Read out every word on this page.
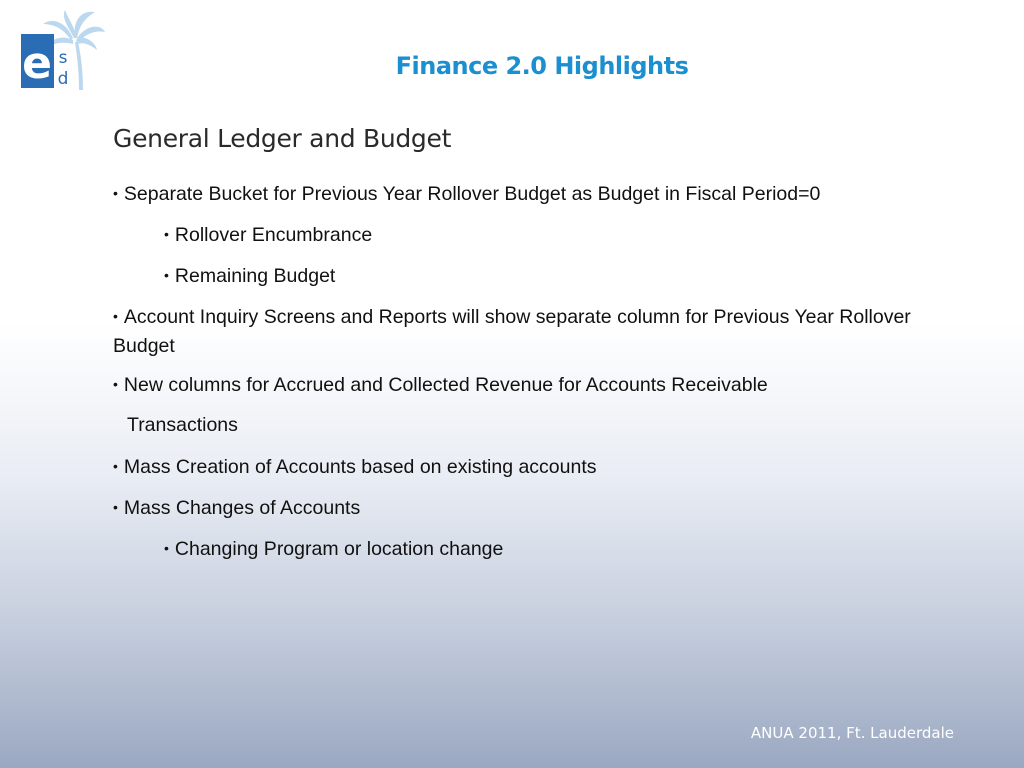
e s
d	Finance 2.0 Highlights
General Ledger and Budget
• Separate Bucket for Previous Year Rollover Budget as Budget in Fiscal Period=0
• Rollover Encumbrance
• Remaining Budget
• Account Inquiry Screens and Reports will show separate column for Previous Year Rollover Budget
• New columns for Accrued and Collected Revenue for Accounts Receivable
• Mass Creation of Accounts based on existing accounts
• Mass Changes of Accounts
• Changing Program or location change
Transactions
ANUA 2011, Ft. Lauderdale
